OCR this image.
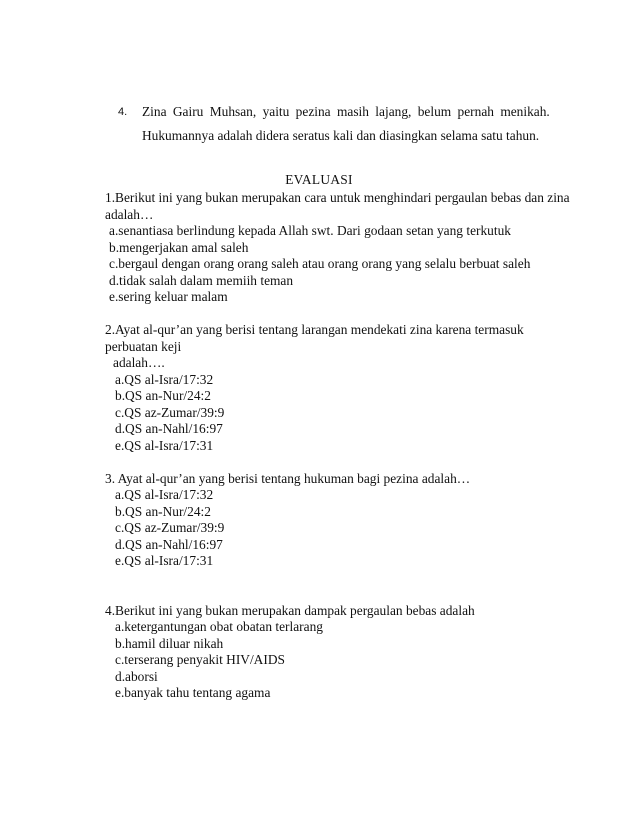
4. Zina Gairu Muhsan, yaitu pezina masih lajang, belum pernah menikah.
Hukumannya adalah didera seratus kali dan diasingkan selama satu tahun.
EVALUASI

1.Berikut ini yang bukan merupakan cara untuk menghindari pergaulan bebas dan zina

adalah…

a.senantiasa berlindung kepada Allah swt. Dari godaan setan yang terkutuk

b.mengerjakan amal saleh

c.bergaul dengan orang orang saleh atau orang orang yang selalu berbuat saleh

d.tidak salah dalam memiih teman

e.sering keluar malam

2.Ayat al-qur’an yang berisi tentang larangan mendekati zina karena termasuk

perbuatan keji

adalah….

a.QS al-Isra/17:32

b.QS an-Nur/24:2

c.QS az-Zumar/39:9

d.QS an-Nahl/16:97

e.QS al-Isra/17:31

3. Ayat al-qur’an yang berisi tentang hukuman bagi pezina adalah…

a.QS al-Isra/17:32

b.QS an-Nur/24:2

c.QS az-Zumar/39:9

d.QS an-Nahl/16:97

e.QS al-Isra/17:31

4.Berikut ini yang bukan merupakan dampak pergaulan bebas adalah

a.ketergantungan obat obatan terlarang

b.hamil diluar nikah

c.terserang penyakit HIV/AIDS

d.aborsi

e.banyak tahu tentang agama
